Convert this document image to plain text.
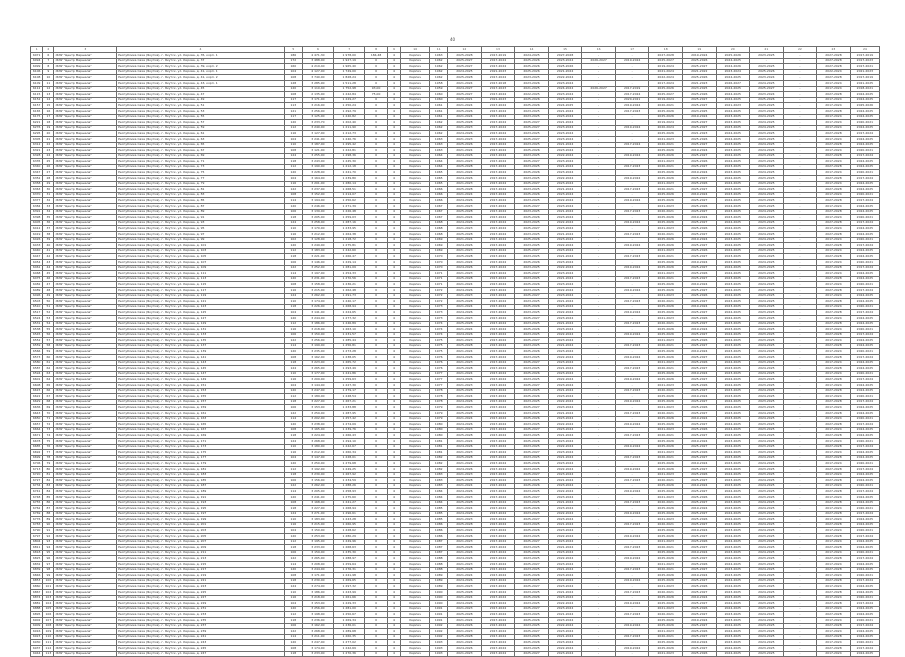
40
1	2	3	4	5	6	7	8	9	10	11	12	13	14	15	16	17	18	19	20	21	22	23	24
6071	6	ЖЭУ "Центр Маршала"	Республика Саха (Якутия), г. Якутск, ул. Кирова, д. 35, корп. 1	186	4 471,30	1 978,00	184,48	4	Кирпич	1963	2025-2028	2017-2019	2024-2025	2027-2028	-	-	2027-2028	2019-2024	2025-2026	2023-2025	-	2027-2028	2017-2019
6094	7	ЖЭУ "Центр Маршала"	Республика Саха (Якутия), г. Якутск, ул. Кирова, д. 37	172	3 488,00	1 927,19	0	4	Кирпич	1962	2025-2027	2017-2024	2025-2026	2023-2024	2026-2027	2019-2024	2025-2027	2025-2026	2024-2025	-	-	2027-2028	2017-2023
6099	8	ЖЭУ "Центр Маршала"	Республика Саха (Якутия), г. Якутск, ул. Кирова, д. 39, корп. 2	160	4 219,40	1 965,40	0	4	Кирпич	1962	2025-2027	2017-2024	2025-2026	2025-2026	-	-	2019-2024	2025-2027	2024-2026	2023-2025	-	2027-2028	2017-2021
6106	9	ЖЭУ "Центр Маршала"	Республика Саха (Якутия), г. Якутск, ул. Кирова, д. 41, корп. 1	104	4 127,00	1 749,00	0	4	Кирпич	1962	2024-2025	2021-2023	2025-2026	2021-2024	-	-	2021-2024	2021-2022	2023-2024	2025-2026	-	2022-2024	2021-2023
6108	10	ЖЭУ "Центр Маршала"	Республика Саха (Якутия), г. Якутск, ул. Кирова, д. 41, корп. 2	108	3 740,00	1 828,24	0	4	Кирпич	1962	2025-2028	2017-2024	2023-2025	2022-2024	-	-	2022-2024	2025-2026	2024-2025	2023-2024	-	2027-2028	2017-2019
6109	11	ЖЭУ "Центр Маршала"	Республика Саха (Якутия), г. Якутск, ул. Кирова, д. 43, корп. 1	128	3 285,90	1 511,28	0	4	Кирпич	1958	2021-2024	2017-2018	2023-2026	2023-2024	-	-	2017-2024	2021-2023	2026-2027	2024-2025	-	2017-2024	2021-2025
6112	12	ЖЭУ "Центр Маршала"	Республика Саха (Якутия), г. Якутск, ул. Кирова, д. 45	120	3 110,40	1 752,98	93,00	4	Кирпич	1959	2024-2027	2017-2023	2021-2025	2024-2024	2026-2027	2017-2019	2025-2026	2023-2025	2024-2025	2025-2027	-	2017-2024	2018-2021
6115	13	ЖЭУ "Центр Маршала"	Республика Саха (Якутия), г. Якутск, ул. Кирова, д. 47	108	2 135,00	1 242,84	75,00	4	Кирпич	1960	2025-2027	2017-2024	2022-2025	2023-2024	-	2017-2024	2025-2027	2025-2026	2024-2025	2023-2024	-	2027-2028	2024-2025
6152	14	ЖЭУ "Центр Маршала"	Республика Саха (Якутия), г. Якутск, ул. Кирова, д. 49	117	3 171,00	1 229,27	0	4	Кирпич	1960	2020-2021	2021-2023	2025-2026	2023-2024	-	2020-2021	2019-2024	2025-2027	2024-2025	2025-2026	-	2017-2024	2024-2025
6157	15	ЖЭУ "Центр Маршала"	Республика Саха (Якутия), г. Якутск, ул. Кирова, д. 51	113	3 216,00	1 250,24	0	4	Кирпич	1961	2021-2024	2017-2024	2025-2026	2024-2025	-	2019-2024	2020-2021	2025-2027	2021-2023	2023-2025	-	2017-2024	2025-2026
6165	16	ЖЭУ "Центр Маршала"	Республика Саха (Якутия), г. Якутск, ул. Кирова, д. 53	121	3 256,00	1 292,79	0	4	Кирпич	1961	2025-2026	2017-2024	2023-2025	2021-2024	-	2017-2023	2025-2026	2023-2025	2024-2025	2023-2025	-	2027-2028	2024-2025
6175	17	ЖЭУ "Центр Маршала"	Республика Саха (Якутия), г. Якутск, ул. Кирова, д. 55	117	3 125,00	1 240,82	0	4	Кирпич	1961	2021-2024	2017-2024	2023-2025	2023-2024	-	-	2025-2026	2019-2024	2023-2025	2024-2025	-	2017-2024	2024-2025
6221	18	ЖЭУ "Центр Маршала"	Республика Саха (Якутия), г. Якутск, ул. Кирова, д. 57	120	3 233,70	1 202,40	0	4	Кирпич	1962	2025-2028	2017-2024	2025-2027	2021-2024	-	-	2019-2024	2025-2027	2023-2025	2024-2025	-	2017-2024	2020-2021
6276	19	ЖЭУ "Центр Маршала"	Республика Саха (Якутия), г. Якутск, ул. Кирова, д. 59	112	3 240,00	1 211,90	0	4	Кирпич	1962	2021-2023	2017-2024	2025-2027	2023-2024	-	2019-2024	2020-2024	2025-2027	2023-2025	2024-2025	-	2017-2024	2024-2025
6295	20	ЖЭУ "Центр Маршала"	Республика Саха (Якутия), г. Якутск, ул. Кирова, д. 61	116	3 127,00	1 212,73	0	4	Кирпич	1962	2024-2026	2017-2024	2023-2025	2023-2024	-	-	2025-2026	2021-2023	2024-2025	2023-2025	-	2027-2028	2017-2024
6305	21	ЖЭУ "Центр Маршала"	Республика Саха (Якутия), г. Якутск, ул. Кирова, д. 63	104	3 241,00	1 240,76	0	4	Кирпич	1963	2021-2023	2017-2024	2025-2027	2023-2024	-	-	2021-2023	2025-2026	2024-2025	2023-2025	-	2017-2024	2024-2025
6312	22	ЖЭУ "Центр Маршала"	Республика Саха (Якутия), г. Якутск, ул. Кирова, д. 65	110	3 187,00	1 295,42	0	4	Кирпич	1963	2025-2026	2017-2024	2023-2025	2021-2024	-	2017-2024	2020-2021	2025-2027	2023-2025	2024-2025	-	2027-2028	2024-2025
6321	23	ЖЭУ "Центр Маршала"	Республика Саха (Якутия), г. Якутск, ул. Кирова, д. 67	108	3 121,00	1 222,81	0	4	Кирпич	1963	2021-2024	2017-2024	2025-2026	2023-2024	-	-	2025-2026	2019-2024	2023-2025	2024-2025	-	2017-2024	2020-2021
6328	24	ЖЭУ "Центр Маршала"	Республика Саха (Якутия), г. Якутск, ул. Кирова, д. 69	124	3 255,00	1 298,36	0	4	Кирпич	1964	2024-2026	2017-2024	2023-2025	2022-2024	-	2019-2024	2025-2026	2025-2027	2024-2025	2023-2025	-	2027-2028	2017-2024
6335	25	ЖЭУ "Центр Маршала"	Республика Саха (Якутия), г. Якутск, ул. Кирова, д. 71	118	3 243,00	1 245,30	0	4	Кирпич	1964	2021-2023	2017-2024	2025-2027	2023-2024	-	-	2021-2023	2025-2026	2024-2025	2023-2025	-	2017-2024	2024-2025
6340	26	ЖЭУ "Центр Маршала"	Республика Саха (Якутия), г. Якутск, ул. Кирова, д. 73	112	3 190,00	1 212,18	0	4	Кирпич	1964	2025-2028	2017-2024	2023-2025	2021-2024	-	2017-2023	2020-2021	2025-2027	2023-2025	2024-2025	-	2027-2028	2024-2025
6347	27	ЖЭУ "Центр Маршала"	Республика Саха (Якутия), г. Якутск, ул. Кирова, д. 75	120	3 228,00	1 241,70	0	4	Кирпич	1965	2021-2024	2017-2024	2025-2026	2023-2024	-	-	2025-2026	2019-2024	2023-2025	2024-2025	-	2017-2024	2020-2021
6352	28	ЖЭУ "Центр Маршала"	Республика Саха (Якутия), г. Якутск, ул. Кирова, д. 77	104	3 164,00	1 239,80	0	4	Кирпич	1965	2024-2026	2017-2024	2023-2025	2022-2024	-	2019-2024	2025-2026	2025-2027	2024-2025	2023-2025	-	2027-2028	2017-2024
6358	29	ЖЭУ "Центр Маршала"	Республика Саха (Якутия), г. Якутск, ул. Кирова, д. 79	116	3 201,00	1 280,14	0	4	Кирпич	1965	2021-2023	2017-2024	2025-2027	2023-2024	-	-	2021-2023	2025-2026	2024-2025	2023-2025	-	2017-2024	2024-2025
6363	30	ЖЭУ "Центр Маршала"	Республика Саха (Якутия), г. Якутск, ул. Кирова, д. 81	122	3 237,00	1 268,51	0	4	Кирпич	1966	2025-2028	2017-2024	2023-2025	2021-2024	-	2017-2023	2020-2021	2025-2027	2023-2025	2024-2025	-	2027-2028	2024-2025
6370	31	ЖЭУ "Центр Маршала"	Республика Саха (Якутия), г. Якутск, ул. Кирова, д. 83	108	3 152,00	1 214,07	0	4	Кирпич	1966	2021-2024	2017-2024	2025-2026	2023-2024	-	-	2025-2026	2019-2024	2023-2025	2024-2025	-	2017-2024	2020-2021
6377	32	ЖЭУ "Центр Маршала"	Республика Саха (Якутия), г. Якутск, ул. Кирова, д. 85	114	3 194,00	1 250,62	0	4	Кирпич	1966	2024-2026	2017-2024	2023-2025	2022-2024	-	2019-2024	2025-2026	2025-2027	2024-2025	2023-2025	-	2027-2028	2017-2024
6384	33	ЖЭУ "Центр Маршала"	Республика Саха (Якутия), г. Якутск, ул. Кирова, д. 87	120	3 246,00	1 271,39	0	4	Кирпич	1967	2021-2023	2017-2024	2025-2027	2023-2024	-	-	2021-2023	2025-2026	2024-2025	2023-2025	-	2017-2024	2024-2025
6391	34	ЖЭУ "Центр Маршала"	Республика Саха (Якутия), г. Якутск, ул. Кирова, д. 89	106	3 139,00	1 226,48	0	4	Кирпич	1967	2025-2028	2017-2024	2023-2025	2021-2024	-	2017-2023	2020-2021	2025-2027	2023-2025	2024-2025	-	2027-2028	2024-2025
6398	35	ЖЭУ "Центр Маршала"	Республика Саха (Якутия), г. Якутск, ул. Кирова, д. 91	118	3 205,00	1 259,03	0	4	Кирпич	1967	2021-2024	2017-2024	2025-2026	2023-2024	-	-	2025-2026	2019-2024	2023-2025	2024-2025	-	2017-2024	2020-2021
6405	36	ЖЭУ "Центр Маршала"	Республика Саха (Якутия), г. Якутск, ул. Кирова, д. 93	124	3 258,00	1 287,16	0	4	Кирпич	1968	2024-2026	2017-2024	2023-2025	2022-2024	-	2019-2024	2025-2026	2025-2027	2024-2025	2023-2025	-	2027-2028	2017-2024
6412	37	ЖЭУ "Центр Маршала"	Республика Саха (Якутия), г. Якутск, ул. Кирова, д. 95	110	3 170,00	1 233,95	0	4	Кирпич	1968	2021-2023	2017-2024	2025-2027	2023-2024	-	-	2021-2023	2025-2026	2024-2025	2023-2025	-	2017-2024	2024-2025
6419	38	ЖЭУ "Центр Маршала"	Республика Саха (Якутия), г. Якутск, ул. Кирова, д. 97	116	3 212,00	1 264,38	0	4	Кирпич	1968	2025-2028	2017-2024	2023-2025	2021-2024	-	2017-2023	2020-2021	2025-2027	2023-2025	2024-2025	-	2027-2028	2024-2025
6426	39	ЖЭУ "Центр Маршала"	Республика Саха (Якутия), г. Якутск, ул. Кирова, д. 99	102	3 128,00	1 218,72	0	4	Кирпич	1969	2021-2024	2017-2024	2025-2026	2023-2024	-	-	2025-2026	2019-2024	2023-2025	2024-2025	-	2017-2024	2020-2021
6433	40	ЖЭУ "Центр Маршала"	Республика Саха (Якутия), г. Якутск, ул. Кирова, д. 101	120	3 249,00	1 275,81	0	4	Кирпич	1969	2024-2026	2017-2024	2023-2025	2022-2024	-	2019-2024	2025-2026	2025-2027	2024-2025	2023-2025	-	2027-2028	2017-2024
6440	41	ЖЭУ "Центр Маршала"	Республика Саха (Якутия), г. Якутск, ул. Кирова, д. 103	112	3 183,00	1 242,60	0	4	Кирпич	1969	2021-2023	2017-2024	2025-2027	2023-2024	-	-	2021-2023	2025-2026	2024-2025	2023-2025	-	2017-2024	2024-2025
6447	42	ЖЭУ "Центр Маршала"	Республика Саха (Якутия), г. Якутск, ул. Кирова, д. 105	118	3 221,00	1 266,47	0	4	Кирпич	1970	2025-2028	2017-2024	2023-2025	2021-2024	-	2017-2023	2020-2021	2025-2027	2023-2025	2024-2025	-	2027-2028	2024-2025
6454	43	ЖЭУ "Центр Маршала"	Республика Саха (Якутия), г. Якутск, ул. Кирова, д. 107	106	3 146,00	1 229,14	0	4	Кирпич	1970	2021-2024	2017-2024	2025-2026	2023-2024	-	-	2025-2026	2019-2024	2023-2025	2024-2025	-	2017-2024	2020-2021
6461	44	ЖЭУ "Центр Маршала"	Республика Саха (Якутия), г. Якутск, ул. Кирова, д. 109	122	3 252,00	1 281,09	0	4	Кирпич	1970	2024-2026	2017-2024	2023-2025	2022-2024	-	2019-2024	2025-2026	2025-2027	2024-2025	2023-2025	-	2027-2028	2017-2024
6468	45	ЖЭУ "Центр Маршала"	Республика Саха (Якутия), г. Якутск, ул. Кирова, д. 111	114	3 197,00	1 254,33	0	4	Кирпич	1971	2021-2023	2017-2024	2025-2027	2023-2024	-	-	2021-2023	2025-2026	2024-2025	2023-2025	-	2017-2024	2024-2025
6475	46	ЖЭУ "Центр Маршала"	Республика Саха (Якутия), г. Якутск, ул. Кирова, д. 113	120	3 231,00	1 270,56	0	4	Кирпич	1971	2025-2028	2017-2024	2023-2025	2021-2024	-	2017-2023	2020-2021	2025-2027	2023-2025	2024-2025	-	2027-2028	2024-2025
6482	47	ЖЭУ "Центр Маршала"	Республика Саха (Якутия), г. Якутск, ул. Кирова, д. 115	108	3 158,00	1 236,21	0	4	Кирпич	1971	2021-2024	2017-2024	2025-2026	2023-2024	-	-	2025-2026	2019-2024	2023-2025	2024-2025	-	2017-2024	2020-2021
6489	48	ЖЭУ "Центр Маршала"	Республика Саха (Якутия), г. Якутск, ул. Кирова, д. 117	116	3 215,00	1 262,48	0	4	Кирпич	1972	2024-2026	2017-2024	2023-2025	2022-2024	-	2019-2024	2025-2026	2025-2027	2024-2025	2023-2025	-	2027-2028	2017-2024
6496	49	ЖЭУ "Центр Маршала"	Республика Саха (Якутия), г. Якутск, ул. Кирова, д. 119	124	3 262,00	1 291,73	0	4	Кирпич	1972	2021-2023	2017-2024	2025-2027	2023-2024	-	-	2021-2023	2025-2026	2024-2025	2023-2025	-	2017-2024	2024-2025
6503	50	ЖЭУ "Центр Маршала"	Республика Саха (Якутия), г. Якутск, ул. Кирова, д. 121	110	3 174,00	1 240,17	0	4	Кирпич	1972	2025-2028	2017-2024	2023-2025	2021-2024	-	2017-2023	2020-2021	2025-2027	2023-2025	2024-2025	-	2027-2028	2024-2025
6510	51	ЖЭУ "Центр Маршала"	Республика Саха (Якутия), г. Якутск, ул. Кирова, д. 123	118	3 226,00	1 268,94	0	4	Кирпич	1973	2021-2024	2017-2024	2025-2026	2023-2024	-	-	2025-2026	2019-2024	2023-2025	2024-2025	-	2017-2024	2020-2021
6517	52	ЖЭУ "Центр Маршала"	Республика Саха (Якутия), г. Якутск, ул. Кирова, д. 125	104	3 141,00	1 224,65	0	4	Кирпич	1973	2024-2026	2017-2024	2023-2025	2022-2024	-	2019-2024	2025-2026	2025-2027	2024-2025	2023-2025	-	2027-2028	2017-2024
6524	53	ЖЭУ "Центр Маршала"	Республика Саха (Якутия), г. Якутск, ул. Кирова, д. 127	120	3 244,00	1 277,32	0	4	Кирпич	1973	2021-2023	2017-2024	2025-2027	2023-2024	-	-	2021-2023	2025-2026	2024-2025	2023-2025	-	2017-2024	2024-2025
6531	54	ЖЭУ "Центр Маршала"	Республика Саха (Якутия), г. Якутск, ул. Кирова, д. 129	112	3 186,00	1 246,89	0	4	Кирпич	1974	2025-2028	2017-2024	2023-2025	2021-2024	-	2017-2023	2020-2021	2025-2027	2023-2025	2024-2025	-	2027-2028	2024-2025
6538	55	ЖЭУ "Центр Маршала"	Республика Саха (Якутия), г. Якутск, ул. Кирова, д. 131	116	3 218,00	1 263,10	0	4	Кирпич	1974	2021-2024	2017-2024	2025-2026	2023-2024	-	-	2025-2026	2019-2024	2023-2025	2024-2025	-	2017-2024	2020-2021
6545	56	ЖЭУ "Центр Маршала"	Республика Саха (Якутия), г. Якутск, ул. Кирова, д. 133	106	3 150,00	1 231,57	0	4	Кирпич	1974	2024-2026	2017-2024	2023-2025	2022-2024	-	2019-2024	2025-2026	2025-2027	2024-2025	2023-2025	-	2027-2028	2017-2024
6552	57	ЖЭУ "Центр Маршала"	Республика Саха (Якутия), г. Якутск, ул. Кирова, д. 135	122	3 256,00	1 285,44	0	4	Кирпич	1975	2021-2023	2017-2024	2025-2027	2023-2024	-	-	2021-2023	2025-2026	2024-2025	2023-2025	-	2017-2024	2024-2025
6559	58	ЖЭУ "Центр Маршала"	Республика Саха (Якутия), г. Якутск, ул. Кирова, д. 137	114	3 199,00	1 256,81	0	4	Кирпич	1975	2025-2028	2017-2024	2023-2025	2021-2024	-	2017-2023	2020-2021	2025-2027	2023-2025	2024-2025	-	2027-2028	2024-2025
6566	59	ЖЭУ "Центр Маршала"	Республика Саха (Якутия), г. Якутск, ул. Кирова, д. 139	120	3 235,00	1 273,28	0	4	Кирпич	1975	2021-2024	2017-2024	2025-2026	2023-2024	-	-	2025-2026	2019-2024	2023-2025	2024-2025	-	2017-2024	2020-2021
6573	60	ЖЭУ "Центр Маршала"	Республика Саха (Якутия), г. Якутск, ул. Кирова, д. 141	108	3 162,00	1 238,05	0	4	Кирпич	1976	2024-2026	2017-2024	2023-2025	2022-2024	-	2019-2024	2025-2026	2025-2027	2024-2025	2023-2025	-	2027-2028	2017-2024
6580	61	ЖЭУ "Центр Маршала"	Республика Саха (Якутия), г. Якутск, ул. Кирова, д. 143	118	3 223,00	1 265,72	0	4	Кирпич	1976	2021-2023	2017-2024	2025-2027	2023-2024	-	-	2021-2023	2025-2026	2024-2025	2023-2025	-	2017-2024	2024-2025
6587	62	ЖЭУ "Центр Маршала"	Республика Саха (Якутия), г. Якутск, ул. Кирова, д. 145	124	3 265,00	1 293,49	0	4	Кирпич	1976	2025-2028	2017-2024	2023-2025	2021-2024	-	2017-2023	2020-2021	2025-2027	2023-2025	2024-2025	-	2027-2028	2024-2025
6594	63	ЖЭУ "Центр Маршала"	Республика Саха (Якутия), г. Якутск, ул. Кирова, д. 147	110	3 177,00	1 241,86	0	4	Кирпич	1977	2021-2024	2017-2024	2025-2026	2023-2024	-	-	2025-2026	2019-2024	2023-2025	2024-2025	-	2017-2024	2020-2021
6601	64	ЖЭУ "Центр Маршала"	Республика Саха (Якутия), г. Якутск, ул. Кирова, д. 149	116	3 209,00	1 259,63	0	4	Кирпич	1977	2024-2026	2017-2024	2023-2025	2022-2024	-	2019-2024	2025-2026	2025-2027	2024-2025	2023-2025	-	2027-2028	2017-2024
6608	65	ЖЭУ "Центр Маршала"	Республика Саха (Якутия), г. Якутск, ул. Кирова, д. 151	104	3 144,00	1 227,30	0	4	Кирпич	1977	2021-2023	2017-2024	2025-2027	2023-2024	-	-	2021-2023	2025-2026	2024-2025	2023-2025	-	2017-2024	2024-2025
6615	66	ЖЭУ "Центр Маршала"	Республика Саха (Якутия), г. Якутск, ул. Кирова, д. 153	120	3 247,00	1 279,17	0	4	Кирпич	1978	2025-2028	2017-2024	2023-2025	2021-2024	-	2017-2023	2020-2021	2025-2027	2023-2025	2024-2025	-	2027-2028	2024-2025
6622	67	ЖЭУ "Центр Маршала"	Республика Саха (Якутия), г. Якутск, ул. Кирова, д. 155	112	3 189,00	1 248,54	0	4	Кирпич	1978	2021-2024	2017-2024	2025-2026	2023-2024	-	-	2025-2026	2019-2024	2023-2025	2024-2025	-	2017-2024	2020-2021
6629	68	ЖЭУ "Центр Маршала"	Республика Саха (Якутия), г. Якутск, ул. Кирова, д. 157	118	3 227,00	1 267,21	0	4	Кирпич	1978	2024-2026	2017-2024	2023-2025	2022-2024	-	2019-2024	2025-2026	2025-2027	2024-2025	2023-2025	-	2027-2028	2017-2024
6636	69	ЖЭУ "Центр Маршала"	Республика Саха (Якутия), г. Якутск, ул. Кирова, д. 159	106	3 153,00	1 233,88	0	4	Кирпич	1979	2021-2023	2017-2024	2025-2027	2023-2024	-	-	2021-2023	2025-2026	2024-2025	2023-2025	-	2017-2024	2024-2025
6643	70	ЖЭУ "Центр Маршала"	Республика Саха (Якутия), г. Якутск, ул. Кирова, д. 161	122	3 259,00	1 287,95	0	4	Кирпич	1979	2025-2028	2017-2024	2023-2025	2021-2024	-	2017-2023	2020-2021	2025-2027	2023-2025	2024-2025	-	2027-2028	2024-2025
6650	71	ЖЭУ "Центр Маршала"	Республика Саха (Якутия), г. Якутск, ул. Кирова, д. 163	114	3 202,00	1 257,42	0	4	Кирпич	1979	2021-2024	2017-2024	2025-2026	2023-2024	-	-	2025-2026	2019-2024	2023-2025	2024-2025	-	2017-2024	2020-2021
6657	72	ЖЭУ "Центр Маршала"	Республика Саха (Якутия), г. Якутск, ул. Кирова, д. 165	120	3 238,00	1 274,09	0	4	Кирпич	1980	2024-2026	2017-2024	2023-2025	2022-2024	-	2019-2024	2025-2026	2025-2027	2024-2025	2023-2025	-	2027-2028	2017-2024
6664	73	ЖЭУ "Центр Маршала"	Республика Саха (Якутия), г. Якутск, ул. Кирова, д. 167	108	3 165,00	1 239,76	0	4	Кирпич	1980	2021-2023	2017-2024	2025-2027	2023-2024	-	-	2021-2023	2025-2026	2024-2025	2023-2025	-	2017-2024	2024-2025
6671	74	ЖЭУ "Центр Маршала"	Республика Саха (Якутия), г. Якутск, ул. Кирова, д. 169	118	3 224,00	1 266,43	0	4	Кирпич	1980	2025-2028	2017-2024	2023-2025	2021-2024	-	2017-2023	2020-2021	2025-2027	2023-2025	2024-2025	-	2027-2028	2024-2025
6678	75	ЖЭУ "Центр Маршала"	Республика Саха (Якутия), г. Якутск, ул. Кирова, д. 171	124	3 268,00	1 294,10	0	4	Кирпич	1981	2021-2024	2017-2024	2025-2026	2023-2024	-	-	2025-2026	2019-2024	2023-2025	2024-2025	-	2017-2024	2020-2021
6685	76	ЖЭУ "Центр Маршала"	Республика Саха (Якутия), г. Якутск, ул. Кирова, д. 173	110	3 180,00	1 242,67	0	4	Кирпич	1981	2024-2026	2017-2024	2023-2025	2022-2024	-	2019-2024	2025-2026	2025-2027	2024-2025	2023-2025	-	2027-2028	2017-2024
6692	77	ЖЭУ "Центр Маршала"	Республика Саха (Якутия), г. Якутск, ул. Кирова, д. 175	116	3 212,00	1 260,34	0	4	Кирпич	1981	2021-2023	2017-2024	2025-2027	2023-2024	-	-	2021-2023	2025-2026	2024-2025	2023-2025	-	2017-2024	2024-2025
6699	78	ЖЭУ "Центр Маршала"	Республика Саха (Якутия), г. Якутск, ул. Кирова, д. 177	104	3 147,00	1 228,01	0	4	Кирпич	1982	2025-2028	2017-2024	2023-2025	2021-2024	-	2017-2023	2020-2021	2025-2027	2023-2025	2024-2025	-	2027-2028	2024-2025
6706	79	ЖЭУ "Центр Маршала"	Республика Саха (Якутия), г. Якутск, ул. Кирова, д. 179	120	3 250,00	1 279,68	0	4	Кирпич	1982	2021-2024	2017-2024	2025-2026	2023-2024	-	-	2025-2026	2019-2024	2023-2025	2024-2025	-	2017-2024	2020-2021
6713	80	ЖЭУ "Центр Маршала"	Республика Саха (Якутия), г. Якутск, ул. Кирова, д. 181	112	3 192,00	1 249,25	0	4	Кирпич	1982	2024-2026	2017-2024	2023-2025	2022-2024	-	2019-2024	2025-2026	2025-2027	2024-2025	2023-2025	-	2027-2028	2017-2024
6720	81	ЖЭУ "Центр Маршала"	Республика Саха (Якутия), г. Якутск, ул. Кирова, д. 183	118	3 230,00	1 267,92	0	4	Кирпич	1983	2021-2023	2017-2024	2025-2027	2023-2024	-	-	2021-2023	2025-2026	2024-2025	2023-2025	-	2017-2024	2024-2025
6727	82	ЖЭУ "Центр Маршала"	Республика Саха (Якутия), г. Якутск, ул. Кирова, д. 185	106	3 156,00	1 234,59	0	4	Кирпич	1983	2025-2028	2017-2024	2023-2025	2021-2024	-	2017-2023	2020-2021	2025-2027	2023-2025	2024-2025	-	2027-2028	2024-2025
6734	83	ЖЭУ "Центр Маршала"	Республика Саха (Якутия), г. Якутск, ул. Кирова, д. 187	122	3 262,00	1 288,26	0	4	Кирпич	1983	2021-2024	2017-2024	2025-2026	2023-2024	-	-	2025-2026	2019-2024	2023-2025	2024-2025	-	2017-2024	2020-2021
6741	84	ЖЭУ "Центр Маршала"	Республика Саха (Якутия), г. Якутск, ул. Кирова, д. 189	114	3 205,00	1 258,93	0	4	Кирпич	1984	2024-2026	2017-2024	2023-2025	2022-2024	-	2019-2024	2025-2026	2025-2027	2024-2025	2023-2025	-	2027-2028	2017-2024
6748	85	ЖЭУ "Центр Маршала"	Республика Саха (Якутия), г. Якутск, ул. Кирова, д. 191	120	3 241,00	1 275,60	0	4	Кирпич	1984	2021-2023	2017-2024	2025-2027	2023-2024	-	-	2021-2023	2025-2026	2024-2025	2023-2025	-	2017-2024	2024-2025
6755	86	ЖЭУ "Центр Маршала"	Республика Саха (Якутия), г. Якутск, ул. Кирова, д. 193	108	3 168,00	1 241,27	0	4	Кирпич	1984	2025-2028	2017-2024	2023-2025	2021-2024	-	2017-2023	2020-2021	2025-2027	2023-2025	2024-2025	-	2027-2028	2024-2025
6762	87	ЖЭУ "Центр Маршала"	Республика Саха (Якутия), г. Якутск, ул. Кирова, д. 195	118	3 227,00	1 268,94	0	4	Кирпич	1985	2021-2024	2017-2024	2025-2026	2023-2024	-	-	2025-2026	2019-2024	2023-2025	2024-2025	-	2017-2024	2020-2021
6769	88	ЖЭУ "Центр Маршала"	Республика Саха (Якутия), г. Якутск, ул. Кирова, д. 197	124	3 271,00	1 296,61	0	4	Кирпич	1985	2024-2026	2017-2024	2023-2025	2022-2024	-	2019-2024	2025-2026	2025-2027	2024-2025	2023-2025	-	2027-2028	2017-2024
6776	89	ЖЭУ "Центр Маршала"	Республика Саха (Якутия), г. Якутск, ул. Кирова, д. 199	110	3 183,00	1 243,28	0	4	Кирпич	1985	2021-2023	2017-2024	2025-2027	2023-2024	-	-	2021-2023	2025-2026	2024-2025	2023-2025	-	2017-2024	2024-2025
6783	90	ЖЭУ "Центр Маршала"	Республика Саха (Якутия), г. Якутск, ул. Кирова, д. 201	116	3 215,00	1 260,95	0	4	Кирпич	1986	2025-2028	2017-2024	2023-2025	2021-2024	-	2017-2023	2020-2021	2025-2027	2023-2025	2024-2025	-	2027-2028	2024-2025
6790	91	ЖЭУ "Центр Маршала"	Республика Саха (Якутия), г. Якутск, ул. Кирова, д. 203	104	3 150,00	1 228,62	0	4	Кирпич	1986	2021-2024	2017-2024	2025-2026	2023-2024	-	-	2025-2026	2019-2024	2023-2025	2024-2025	-	2017-2024	2020-2021
6797	92	ЖЭУ "Центр Маршала"	Республика Саха (Якутия), г. Якутск, ул. Кирова, д. 205	120	3 253,00	1 280,29	0	4	Кирпич	1986	2024-2026	2017-2024	2023-2025	2022-2024	-	2019-2024	2025-2026	2025-2027	2024-2025	2023-2025	-	2027-2028	2017-2024
6804	93	ЖЭУ "Центр Маршала"	Республика Саха (Якутия), г. Якутск, ул. Кирова, д. 207	112	3 195,00	1 249,96	0	4	Кирпич	1987	2021-2023	2017-2024	2025-2027	2023-2024	-	-	2021-2023	2025-2026	2024-2025	2023-2025	-	2017-2024	2024-2025
6811	94	ЖЭУ "Центр Маршала"	Республика Саха (Якутия), г. Якутск, ул. Кирова, д. 209	118	3 233,00	1 268,63	0	4	Кирпич	1987	2025-2028	2017-2024	2023-2025	2021-2024	-	2017-2023	2020-2021	2025-2027	2023-2025	2024-2025	-	2027-2028	2024-2025
6818	95	ЖЭУ "Центр Маршала"	Республика Саха (Якутия), г. Якутск, ул. Кирова, д. 211	106	3 159,00	1 235,30	0	4	Кирпич	1987	2021-2024	2017-2024	2025-2026	2023-2024	-	-	2025-2026	2019-2024	2023-2025	2024-2025	-	2017-2024	2020-2021
6825	96	ЖЭУ "Центр Маршала"	Республика Саха (Якутия), г. Якутск, ул. Кирова, д. 213	122	3 265,00	1 288,97	0	4	Кирпич	1988	2024-2026	2017-2024	2023-2025	2022-2024	-	2019-2024	2025-2026	2025-2027	2024-2025	2023-2025	-	2027-2028	2017-2024
6832	97	ЖЭУ "Центр Маршала"	Республика Саха (Якутия), г. Якутск, ул. Кирова, д. 215	114	3 208,00	1 259,64	0	4	Кирпич	1988	2021-2023	2017-2024	2025-2027	2023-2024	-	-	2021-2023	2025-2026	2024-2025	2023-2025	-	2017-2024	2024-2025
6839	98	ЖЭУ "Центр Маршала"	Республика Саха (Якутия), г. Якутск, ул. Кирова, д. 217	120	3 244,00	1 276,31	0	4	Кирпич	1988	2025-2028	2017-2024	2023-2025	2021-2024	-	2017-2023	2020-2021	2025-2027	2023-2025	2024-2025	-	2027-2028	2024-2025
6846	99	ЖЭУ "Центр Маршала"	Республика Саха (Якутия), г. Якутск, ул. Кирова, д. 219	108	3 171,00	1 241,98	0	4	Кирпич	1989	2021-2024	2017-2024	2025-2026	2023-2024	-	-	2025-2026	2019-2024	2023-2025	2024-2025	-	2017-2024	2020-2021
6853	100	ЖЭУ "Центр Маршала"	Республика Саха (Якутия), г. Якутск, ул. Кирова, д. 221	118	3 230,00	1 269,65	0	4	Кирпич	1989	2024-2026	2017-2024	2023-2025	2022-2024	-	2019-2024	2025-2026	2025-2027	2024-2025	2023-2025	-	2027-2028	2017-2024
6860	101	ЖЭУ "Центр Маршала"	Республика Саха (Якутия), г. Якутск, ул. Кирова, д. 223	124	3 274,00	1 297,32	0	4	Кирпич	1989	2021-2023	2017-2024	2025-2027	2023-2024	-	-	2021-2023	2025-2026	2024-2025	2023-2025	-	2017-2024	2024-2025
6867	102	ЖЭУ "Центр Маршала"	Республика Саха (Якутия), г. Якутск, ул. Кирова, д. 225	110	3 186,00	1 243,99	0	4	Кирпич	1990	2025-2028	2017-2024	2023-2025	2021-2024	-	2017-2023	2020-2021	2025-2027	2023-2025	2024-2025	-	2027-2028	2024-2025
6874	103	ЖЭУ "Центр Маршала"	Республика Саха (Якутия), г. Якутск, ул. Кирова, д. 227	116	3 218,00	1 261,66	0	4	Кирпич	1990	2021-2024	2017-2024	2025-2026	2023-2024	-	-	2025-2026	2019-2024	2023-2025	2024-2025	-	2017-2024	2020-2021
6881	104	ЖЭУ "Центр Маршала"	Республика Саха (Якутия), г. Якутск, ул. Кирова, д. 229	104	3 153,00	1 229,33	0	4	Кирпич	1990	2024-2026	2017-2024	2023-2025	2022-2024	-	2019-2024	2025-2026	2025-2027	2024-2025	2023-2025	-	2027-2028	2017-2024
6888	105	ЖЭУ "Центр Маршала"	Республика Саха (Якутия), г. Якутск, ул. Кирова, д. 231	120	3 256,00	1 281,00	0	4	Кирпич	1991	2021-2023	2017-2024	2025-2027	2023-2024	-	-	2021-2023	2025-2026	2024-2025	2023-2025	-	2017-2024	2024-2025
6895	106	ЖЭУ "Центр Маршала"	Республика Саха (Якутия), г. Якутск, ул. Кирова, д. 233	112	3 198,00	1 250,67	0	4	Кирпич	1991	2025-2028	2017-2024	2023-2025	2021-2024	-	2017-2023	2020-2021	2025-2027	2023-2025	2024-2025	-	2027-2028	2024-2025
6902	107	ЖЭУ "Центр Маршала"	Республика Саха (Якутия), г. Якутск, ул. Кирова, д. 235	118	3 236,00	1 269,34	0	4	Кирпич	1991	2021-2024	2017-2024	2025-2026	2023-2024	-	-	2025-2026	2019-2024	2023-2025	2024-2025	-	2017-2024	2020-2021
6909	108	ЖЭУ "Центр Маршала"	Республика Саха (Якутия), г. Якутск, ул. Кирова, д. 237	106	3 162,00	1 236,01	0	4	Кирпич	1992	2024-2026	2017-2024	2023-2025	2022-2024	-	2019-2024	2025-2026	2025-2027	2024-2025	2023-2025	-	2027-2028	2017-2024
6916	109	ЖЭУ "Центр Маршала"	Республика Саха (Якутия), г. Якутск, ул. Кирова, д. 239	122	3 268,00	1 289,68	0	4	Кирпич	1992	2021-2023	2017-2024	2025-2027	2023-2024	-	-	2021-2023	2025-2026	2024-2025	2023-2025	-	2017-2024	2024-2025
6923	110	ЖЭУ "Центр Маршала"	Республика Саха (Якутия), г. Якутск, ул. Кирова, д. 241	114	3 211,00	1 260,35	0	4	Кирпич	1992	2025-2028	2017-2024	2023-2025	2021-2024	-	2017-2023	2020-2021	2025-2027	2023-2025	2024-2025	-	2027-2028	2024-2025
6930	111	ЖЭУ "Центр Маршала"	Республика Саха (Якутия), г. Якутск, ул. Кирова, д. 243	120	3 247,00	1 277,02	0	4	Кирпич	1993	2021-2024	2017-2024	2025-2026	2023-2024	-	-	2025-2026	2019-2024	2023-2025	2024-2025	-	2017-2024	2020-2021
6937	112	ЖЭУ "Центр Маршала"	Республика Саха (Якутия), г. Якутск, ул. Кирова, д. 245	108	3 174,00	1 242,69	0	4	Кирпич	1993	2024-2026	2017-2024	2023-2025	2022-2024	-	2019-2024	2025-2026	2025-2027	2024-2025	2023-2025	-	2027-2028	2017-2024
6944	113	ЖЭУ "Центр Маршала"	Республика Саха (Якутия), г. Якутск, ул. Кирова, д. 247	118	3 233,00	1 270,36	0	4	Кирпич	1993	2021-2023	2017-2024	2025-2027	2023-2024	-	-	2021-2023	2025-2026	2024-2025	2023-2025	-	2017-2024	2024-2025
